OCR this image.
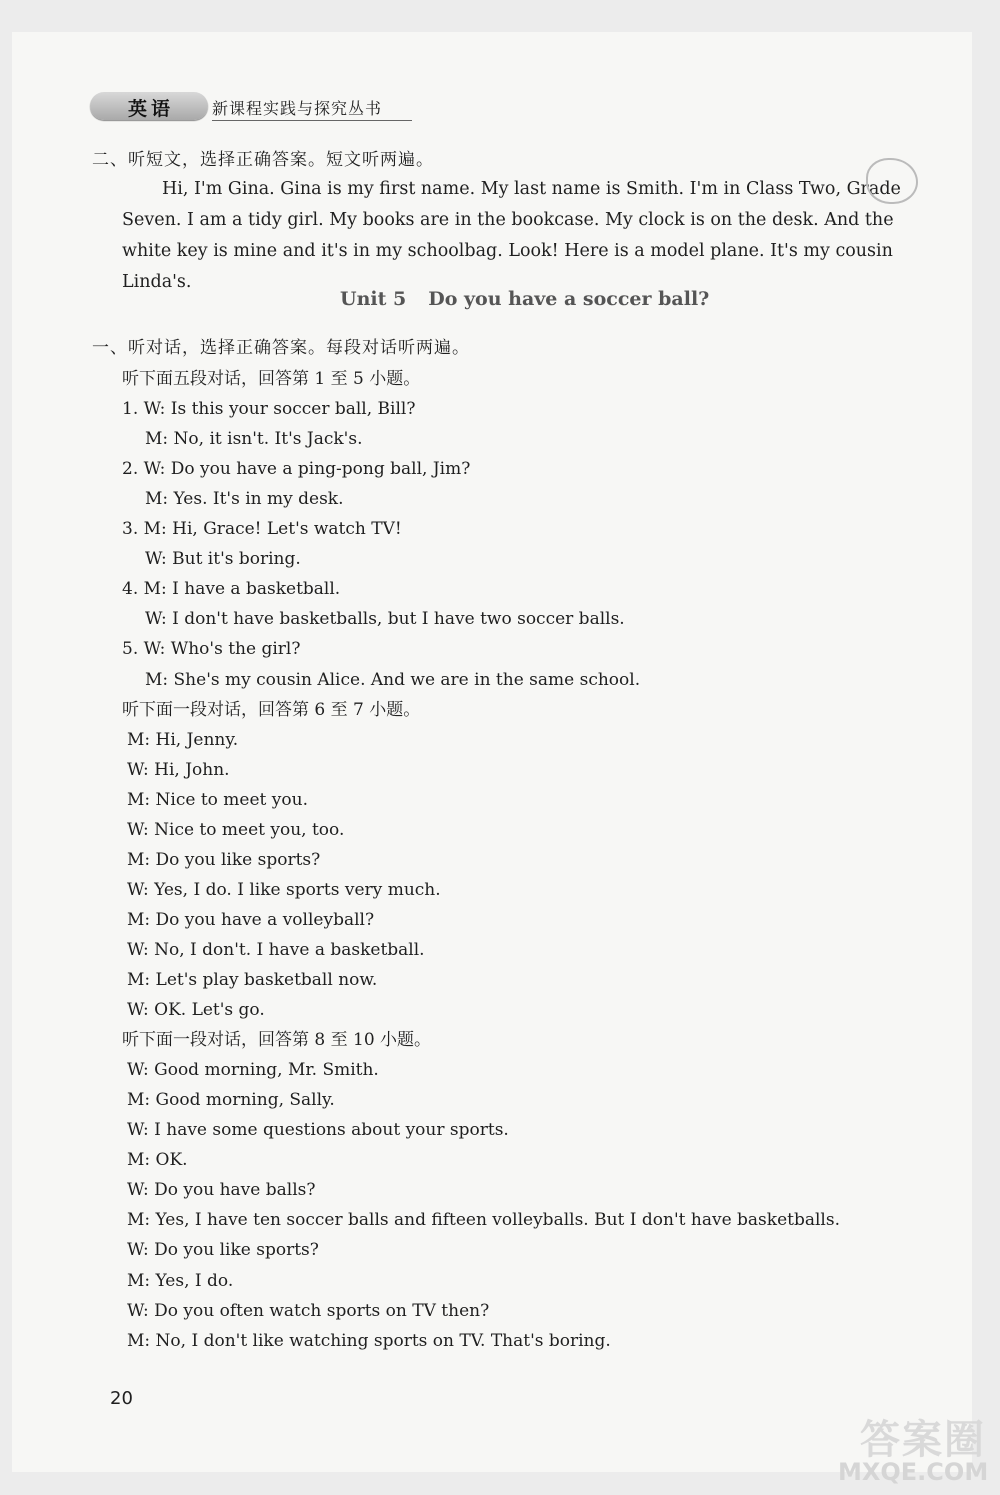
英语 新课程实践与探究丛书
二、听短文，选择正确答案。短文听两遍。
Hi, I'm Gina. Gina is my first name. My last name is Smith. I'm in Class Two, Grade Seven. I am a tidy girl. My books are in the bookcase. My clock is on the desk. And the white key is mine and it's in my schoolbag. Look! Here is a model plane. It's my cousin Linda's.
Unit 5 Do you have a soccer ball?
一、听对话，选择正确答案。每段对话听两遍。
听下面五段对话，回答第 1 至 5 小题。
1. W: Is this your soccer ball, Bill?
M: No, it isn't. It's Jack's.
2. W: Do you have a ping-pong ball, Jim?
M: Yes. It's in my desk.
3. M: Hi, Grace! Let's watch TV!
W: But it's boring.
4. M: I have a basketball.
W: I don't have basketballs, but I have two soccer balls.
5. W: Who's the girl?
M: She's my cousin Alice. And we are in the same school.
听下面一段对话，回答第 6 至 7 小题。
M: Hi, Jenny.
W: Hi, John.
M: Nice to meet you.
W: Nice to meet you, too.
M: Do you like sports?
W: Yes, I do. I like sports very much.
M: Do you have a volleyball?
W: No, I don't. I have a basketball.
M: Let's play basketball now.
W: OK. Let's go.
听下面一段对话，回答第 8 至 10 小题。
W: Good morning, Mr. Smith.
M: Good morning, Sally.
W: I have some questions about your sports.
M: OK.
W: Do you have balls?
M: Yes, I have ten soccer balls and fifteen volleyballs. But I don't have basketballs.
W: Do you like sports?
M: Yes, I do.
W: Do you often watch sports on TV then?
M: No, I don't like watching sports on TV. That's boring.
20
答案圈
MXQE.COM
